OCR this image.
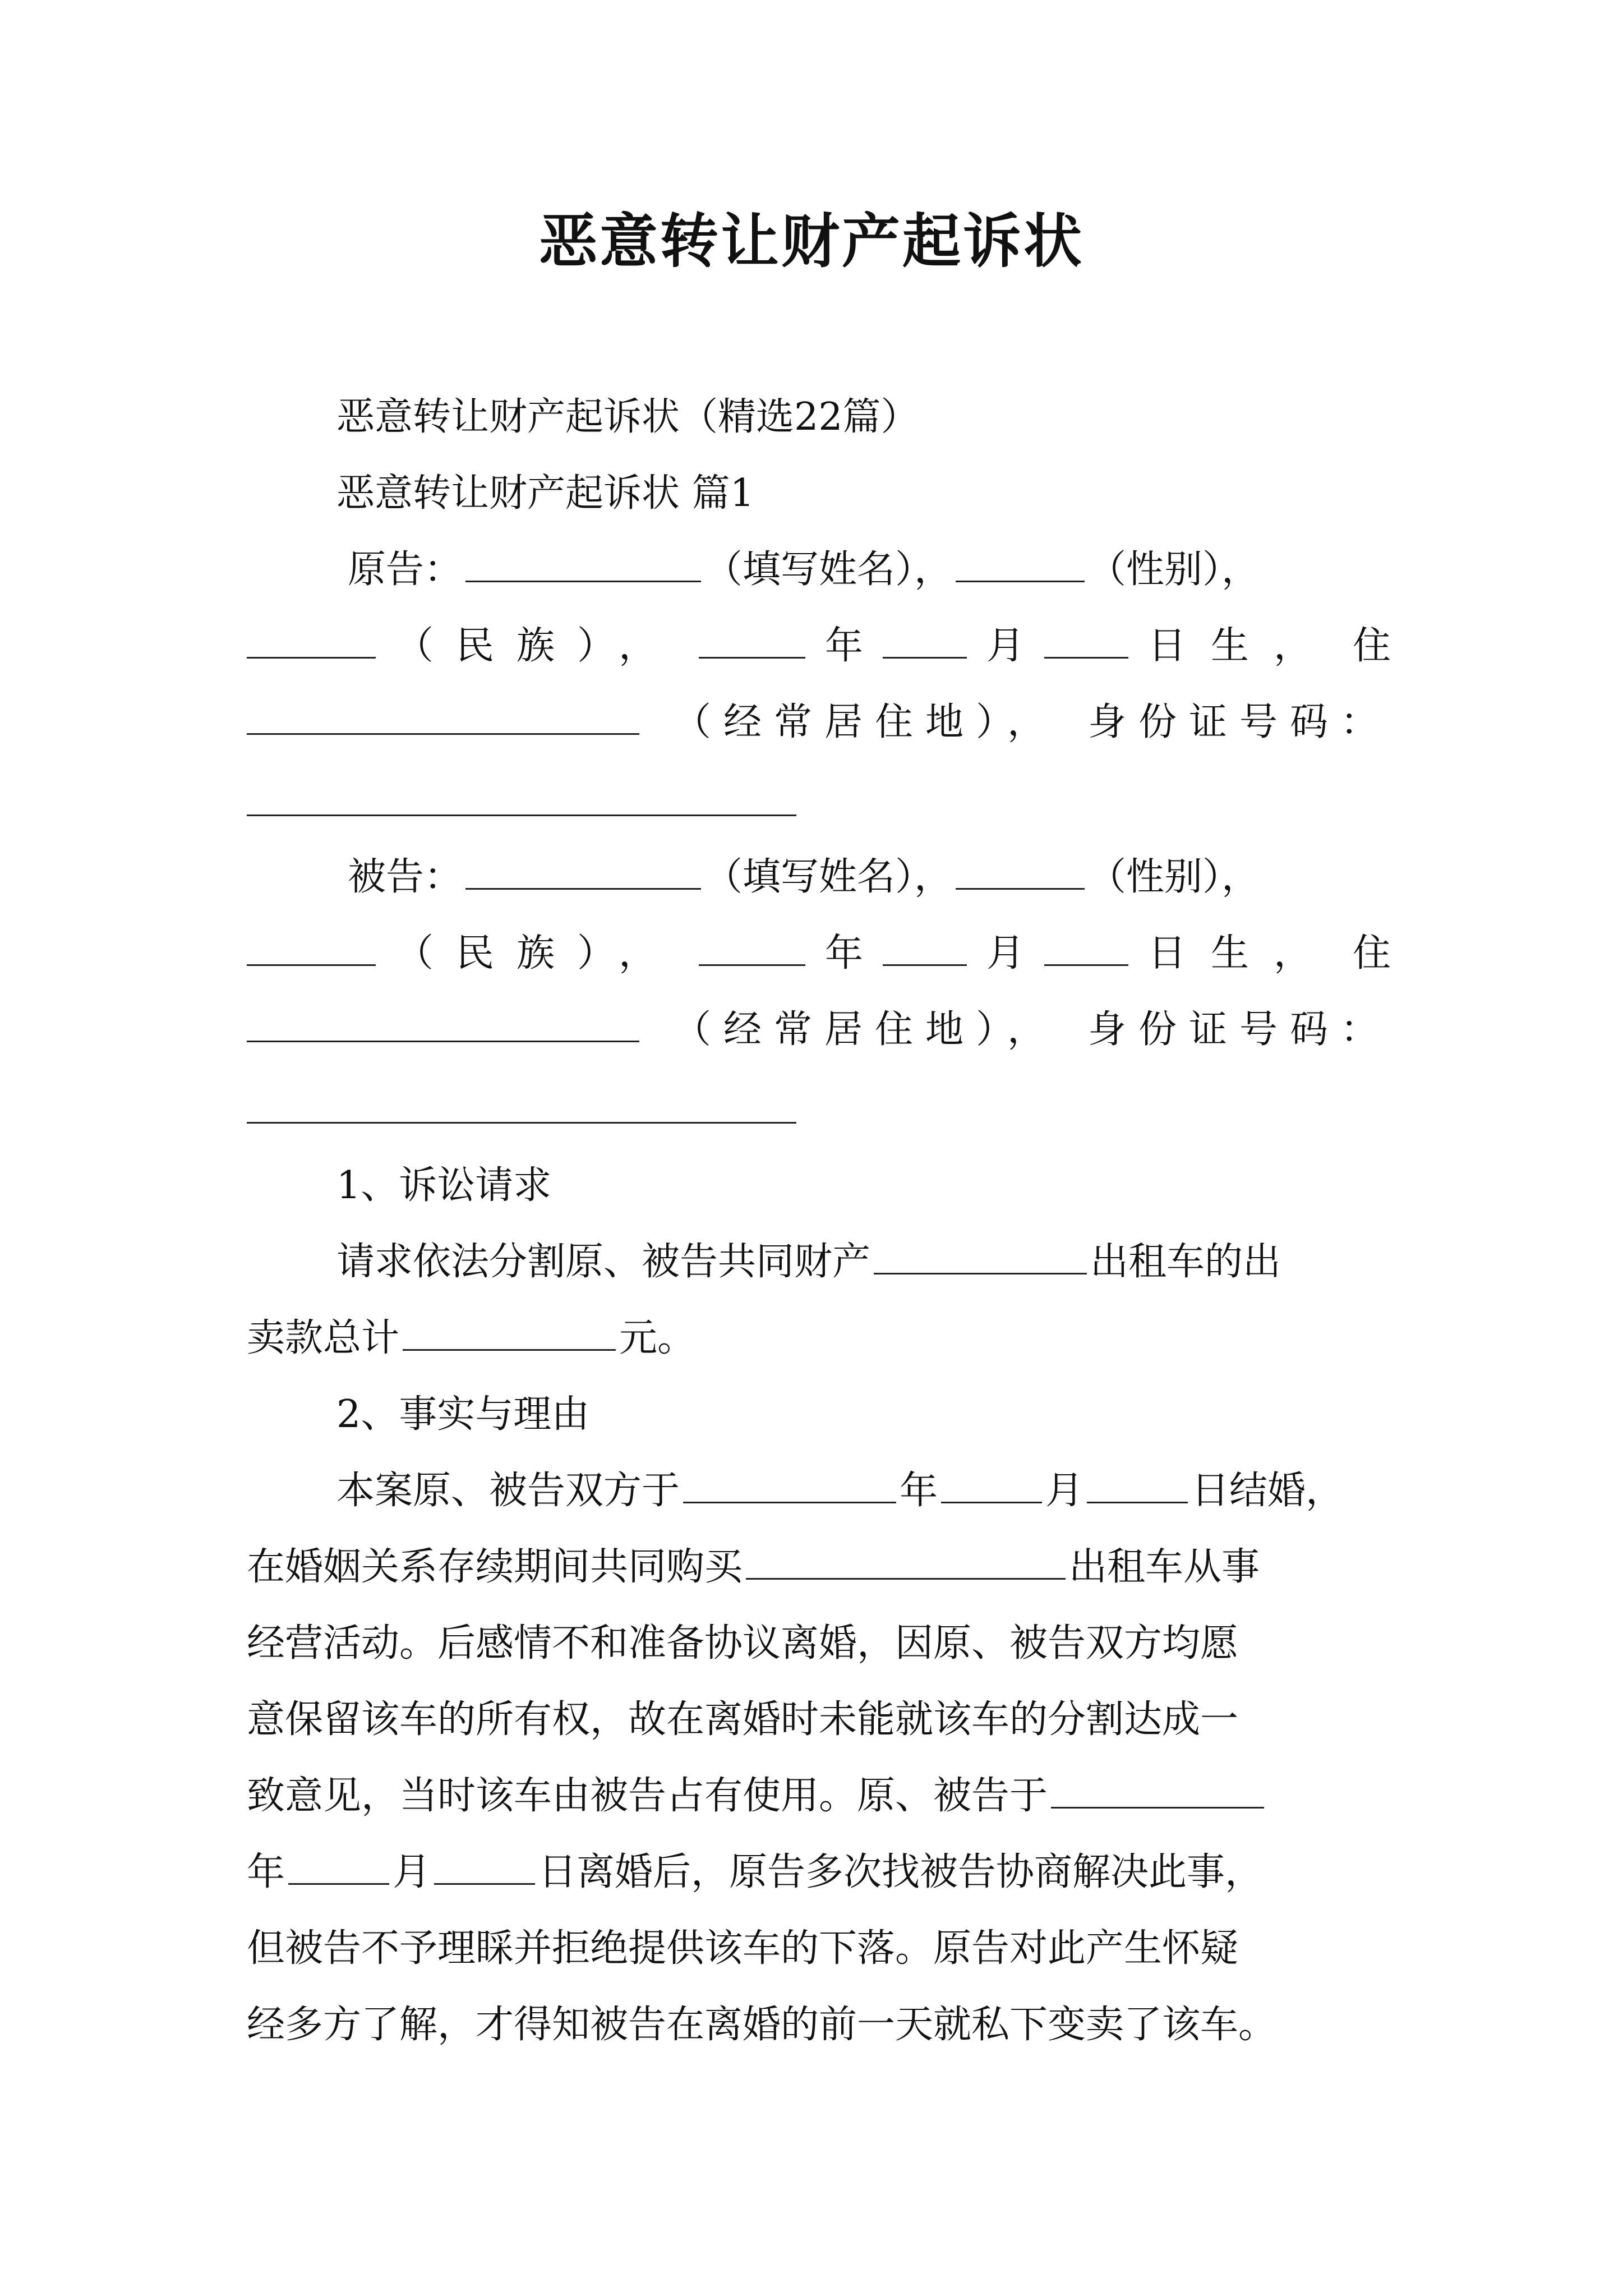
恶意转让财产起诉状
恶意转让财产起诉状（精选22篇）
恶意转让财产起诉状 篇1
原告：	（填写姓名），	（性别），
（民族），	年	月	日生， 住
（经常居住地）， 身份证号码：
被告：	（填写姓名），	（性别），
（民族），	年	月	日生， 住
（经常居住地）， 身份证号码：
1、诉讼请求
请求依法分割原、被告共同财产	出租车的出
卖款总计	元。
2、事实与理由
本案原、被告双方于	年	月	日结婚，
在婚姻关系存续期间共同购买	出租车从事
经营活动。后感情不和准备协议离婚，因原、被告双方均愿
意保留该车的所有权，故在离婚时未能就该车的分割达成一
致意见，当时该车由被告占有使用。原、被告于
年	月	日离婚后，原告多次找被告协商解决此事，
但被告不予理睬并拒绝提供该车的下落。原告对此产生怀疑
经多方了解，才得知被告在离婚的前一天就私下变卖了该车。
